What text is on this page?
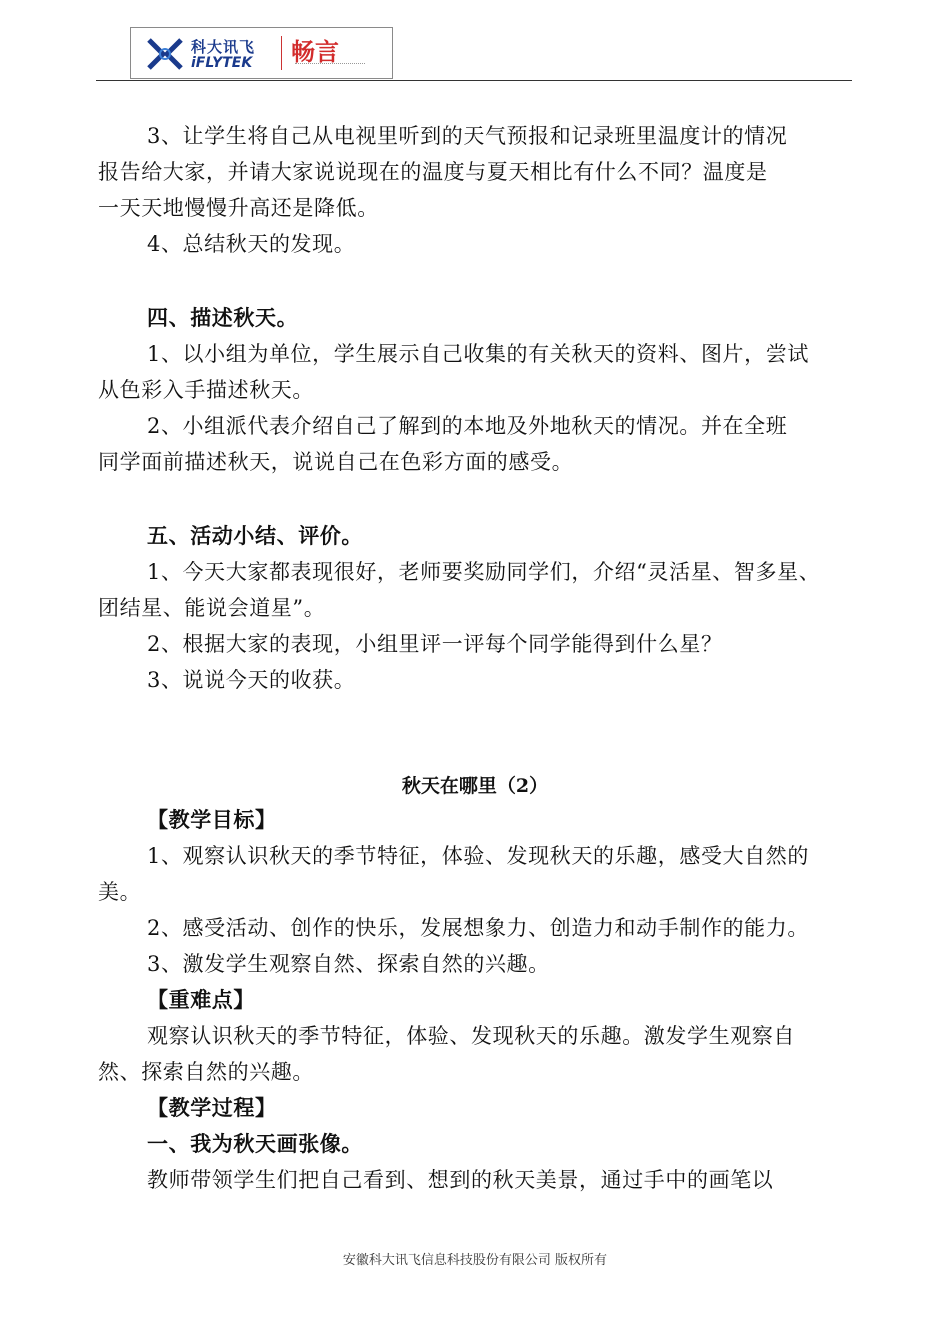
科大讯飞
iFLYTEK 畅言
3、让学生将自己从电视里听到的天气预报和记录班里温度计的情况
报告给大家，并请大家说说现在的温度与夏天相比有什么不同？温度是
一天天地慢慢升高还是降低。
4、总结秋天的发现。
四、描述秋天。
1、以小组为单位，学生展示自己收集的有关秋天的资料、图片，尝试
从色彩入手描述秋天。
2、小组派代表介绍自己了解到的本地及外地秋天的情况。并在全班
同学面前描述秋天，说说自己在色彩方面的感受。
五、活动小结、评价。
1、今天大家都表现很好，老师要奖励同学们，介绍“灵活星、智多星、
团结星、能说会道星”。
2、根据大家的表现，小组里评一评每个同学能得到什么星？
3、说说今天的收获。
秋天在哪里（2）
【教学目标】
1、观察认识秋天的季节特征，体验、发现秋天的乐趣，感受大自然的
美。
2、感受活动、创作的快乐，发展想象力、创造力和动手制作的能力。
3、激发学生观察自然、探索自然的兴趣。
【重难点】
观察认识秋天的季节特征，体验、发现秋天的乐趣。激发学生观察自
然、探索自然的兴趣。
【教学过程】
一、我为秋天画张像。
教师带领学生们把自己看到、想到的秋天美景，通过手中的画笔以
安徽科大讯飞信息科技股份有限公司 版权所有
